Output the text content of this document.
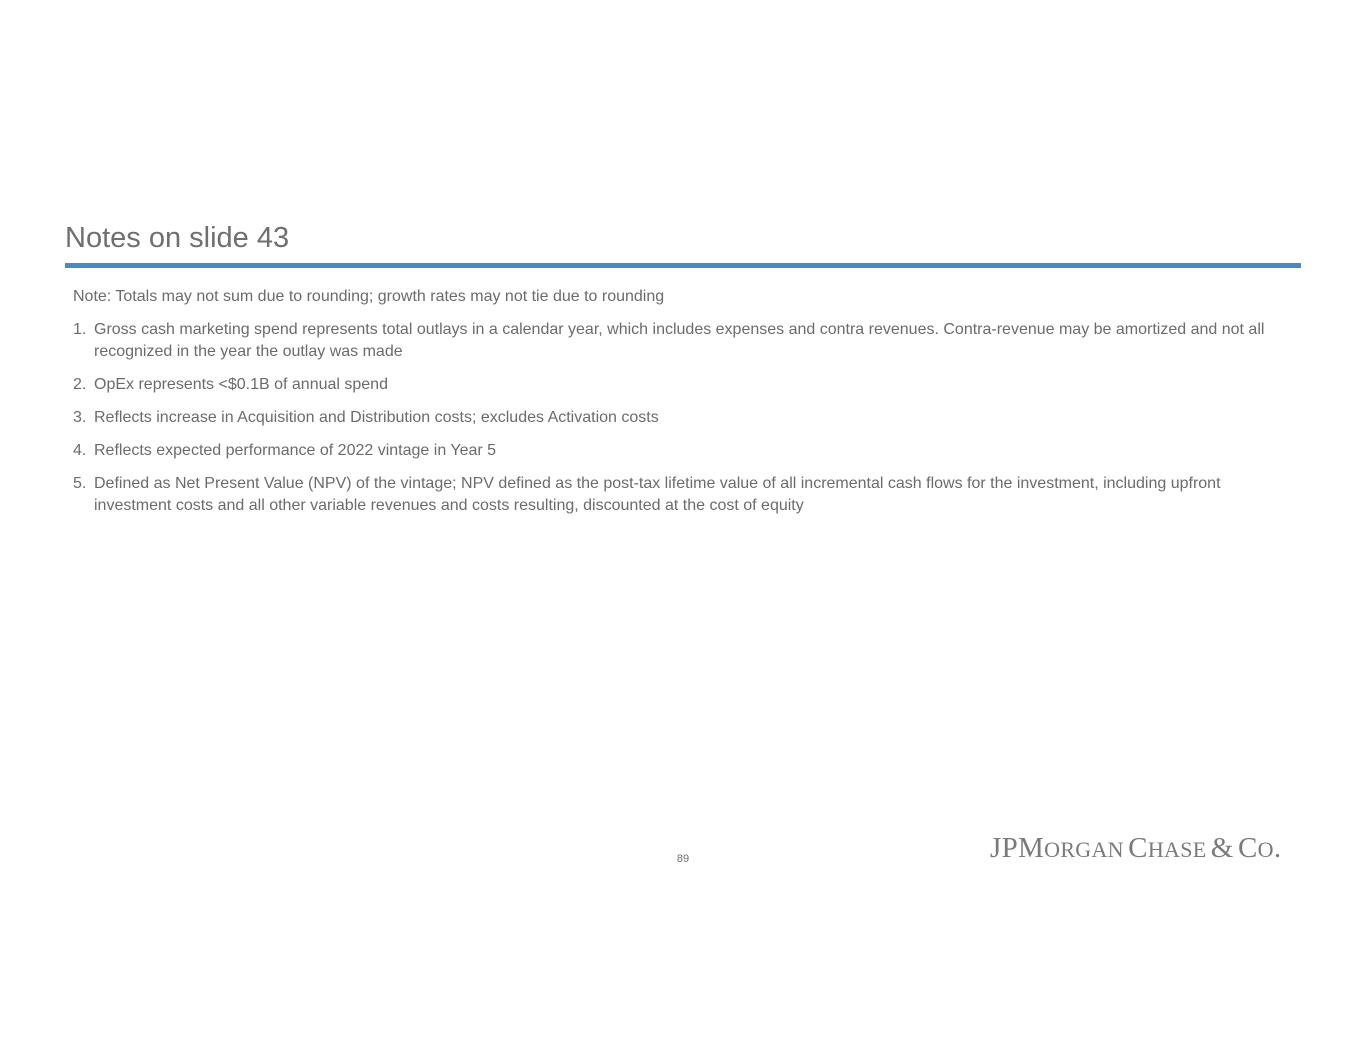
Notes on slide 43

Note: Totals may not sum due to rounding; growth rates may not tie due to rounding

1. Gross cash marketing spend represents total outlays in a calendar year, which includes expenses and contra revenues. Contra-revenue may be amortized and not all recognized in the year the outlay was made
2. OpEx represents <$0.1B of annual spend
3. Reflects increase in Acquisition and Distribution costs; excludes Activation costs
4. Reflects expected performance of 2022 vintage in Year 5
5. Defined as Net Present Value (NPV) of the vintage; NPV defined as the post-tax lifetime value of all incremental cash flows for the investment, including upfront investment costs and all other variable revenues and costs resulting, discounted at the cost of equity
89	JPMORGAN CHASE & CO.
